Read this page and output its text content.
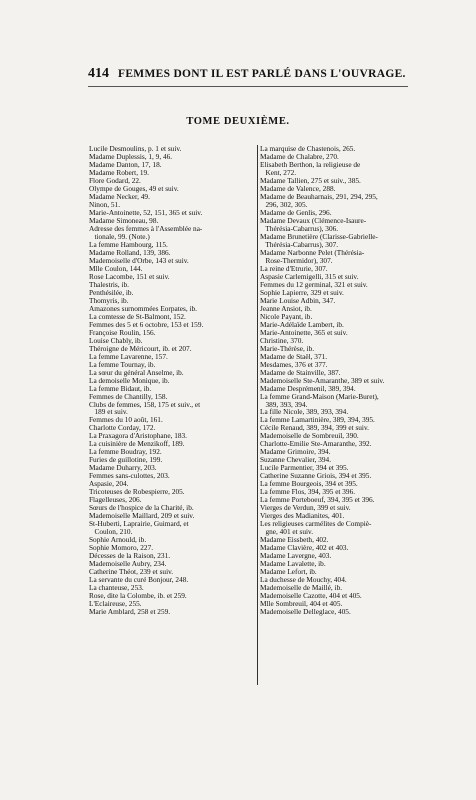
414 FEMMES DONT IL EST PARLÉ DANS L'OUVRAGE.
TOME DEUXIÈME.
Lucile Desmoulins, p. 1 et suiv.
Madame Duplessis, 1, 9, 46.
Madame Danton, 17, 18.
Madame Robert, 19.
Flore Godard, 22.
Olympe de Gouges, 49 et suiv.
Madame Necker, 49.
Ninon, 51.
Marie-Antoinette, 52, 151, 365 et suiv.
Madame Simoneau, 98.
Adresse des femmes à l'Assemblée na-
tionale, 99. (Note.)
La femme Hambourg, 115.
Madame Rolland, 139, 386.
Mademoiselle d'Orbe, 143 et suiv.
Mlle Coulon, 144.
Rose Lacombe, 151 et suiv.
Thalestris, ib.
Penthésilée, ib.
Thomyris, ib.
Amazones surnommées Eorpates, ib.
La comtesse de St-Balmont, 152.
Femmes des 5 et 6 octobre, 153 et 159.
Françoise Roulin, 156.
Louise Chably, ib.
Théroigne de Méricourt, ib. et 207.
La femme Lavarenne, 157.
La femme Tournay, ib.
La sœur du général Anselme, ib.
La demoiselle Monique, ib.
La femme Bidaut, ib.
Femmes de Chantilly, 158.
Clubs de femmes, 158, 175 et suiv., et
189 et suiv.
Femmes du 10 août, 161.
Charlotte Corday, 172.
La Praxagora d'Aristophane, 183.
La cuisinière de Menzikoff, 189.
La femme Boudray, 192.
Furies de guillotine, 199.
Madame Duharry, 203.
Femmes sans-culottes, 203.
Aspasie, 204.
Tricoteuses de Robespierre, 205.
Flagelleuses, 206.
Sœurs de l'hospice de la Charité, ib.
Mademoiselle Maillard, 209 et suiv.
St-Huberti, Laprairie, Guimard, et
Coulon, 210.
Sophie Arnould, ib.
Sophie Momoro, 227.
Décesses de la Raison, 231.
Mademoiselle Aubry, 234.
Catherine Théot, 239 et suiv.
La servante du curé Bonjour, 248.
La chanteuse, 253.
Rose, dite la Colombe, ib. et 259.
L'Eclaireuse, 255.
Marie Amblard, 258 et 259.
La marquise de Chastenois, 265.
Madame de Chalabre, 270.
Elisabeth Berthon, la religieuse de
Kent, 272.
Madame Tallien, 275 et suiv., 385.
Madame de Valence, 288.
Madame de Beauharnais, 291, 294, 295,
296, 302, 305.
Madame de Genlis, 296.
Madame Devaux (Clémence-Isaure-
Thérésia-Cabarrus), 306.
Madame Brunetière (Clarisse-Gabrielle-
Thérésia-Cabarrus), 307.
Madame Narbonne Pelet (Thérésia-
Rose-Thermidor), 307.
La reine d'Etrurie, 307.
Aspasie Carlemigelli, 315 et suiv.
Femmes du 12 germinal, 321 et suiv.
Sophie Lapierre, 329 et suiv.
Marie Louise Adbin, 347.
Jeanne Ansiot, ib.
Nicole Payant, ib.
Marie-Adélaïde Lambert, ib.
Marie-Antoinette, 365 et suiv.
Christine, 370.
Marie-Thérèse, ib.
Madame de Staël, 371.
Mesdames, 376 et 377.
Madame de Stainville, 387.
Mademoiselle Ste-Amaranthe, 389 et suiv.
Madame Desprémenil, 389, 394.
La femme Grand-Maison (Marie-Buret),
389, 393, 394.
La fille Nicole, 389, 393, 394.
La femme Lamartinière, 389, 394, 395.
Cécile Renaud, 389, 394, 399 et suiv.
Mademoiselle de Sombreuil, 390.
Charlotte-Emilie Ste-Amaranthe, 392.
Madame Grimoire, 394.
Suzanne Chevalier, 394.
Lucile Parmentier, 394 et 395.
Catherine Suzanne Griois, 394 et 395.
La femme Bourgeois, 394 et 395.
La femme Flos, 394, 395 et 396.
La femme Porteboeuf, 394, 395 et 396.
Vierges de Verdun, 399 et suiv.
Vierges des Madianites, 401.
Les religieuses carmélites de Compiè-
gne, 401 et suiv.
Madame Eissbeth, 402.
Madame Clavière, 402 et 403.
Madame Lavergne, 403.
Madame Lavalette, ib.
Madame Lefort, ib.
La duchesse de Mouchy, 404.
Mademoiselle de Maillé, ib.
Mademoiselle Cazotte, 404 et 405.
Mlle Sombreuil, 404 et 405.
Mademoiselle Delleglace, 405.
